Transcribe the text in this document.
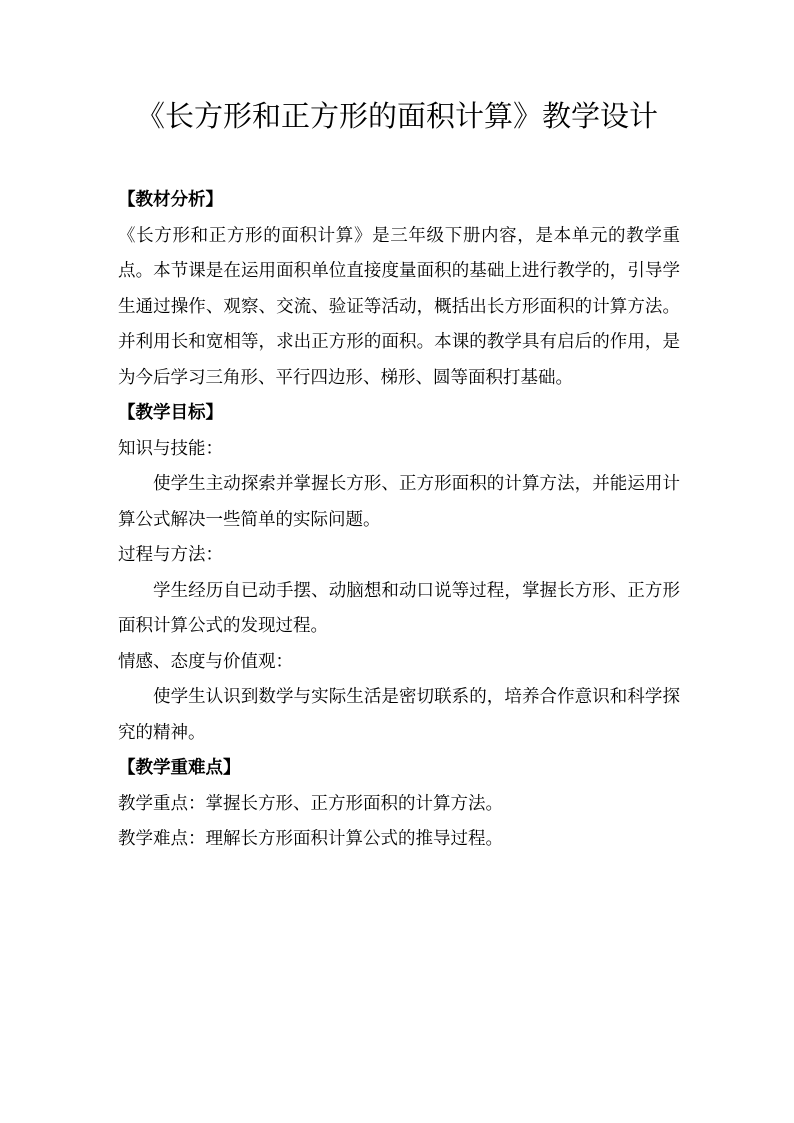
《长方形和正方形的面积计算》教学设计
【教材分析】
《长方形和正方形的面积计算》是三年级下册内容，是本单元的教学重点。本节课是在运用面积单位直接度量面积的基础上进行教学的，引导学生通过操作、观察、交流、验证等活动，概括出长方形面积的计算方法。并利用长和宽相等，求出正方形的面积。本课的教学具有启后的作用，是为今后学习三角形、平行四边形、梯形、圆等面积打基础。
【教学目标】
知识与技能：
使学生主动探索并掌握长方形、正方形面积的计算方法，并能运用计算公式解决一些简单的实际问题。
过程与方法：
学生经历自已动手摆、动脑想和动口说等过程，掌握长方形、正方形面积计算公式的发现过程。
情感、态度与价值观：
使学生认识到数学与实际生活是密切联系的，培养合作意识和科学探究的精神。
【教学重难点】
教学重点：掌握长方形、正方形面积的计算方法。
教学难点：理解长方形面积计算公式的推导过程。
